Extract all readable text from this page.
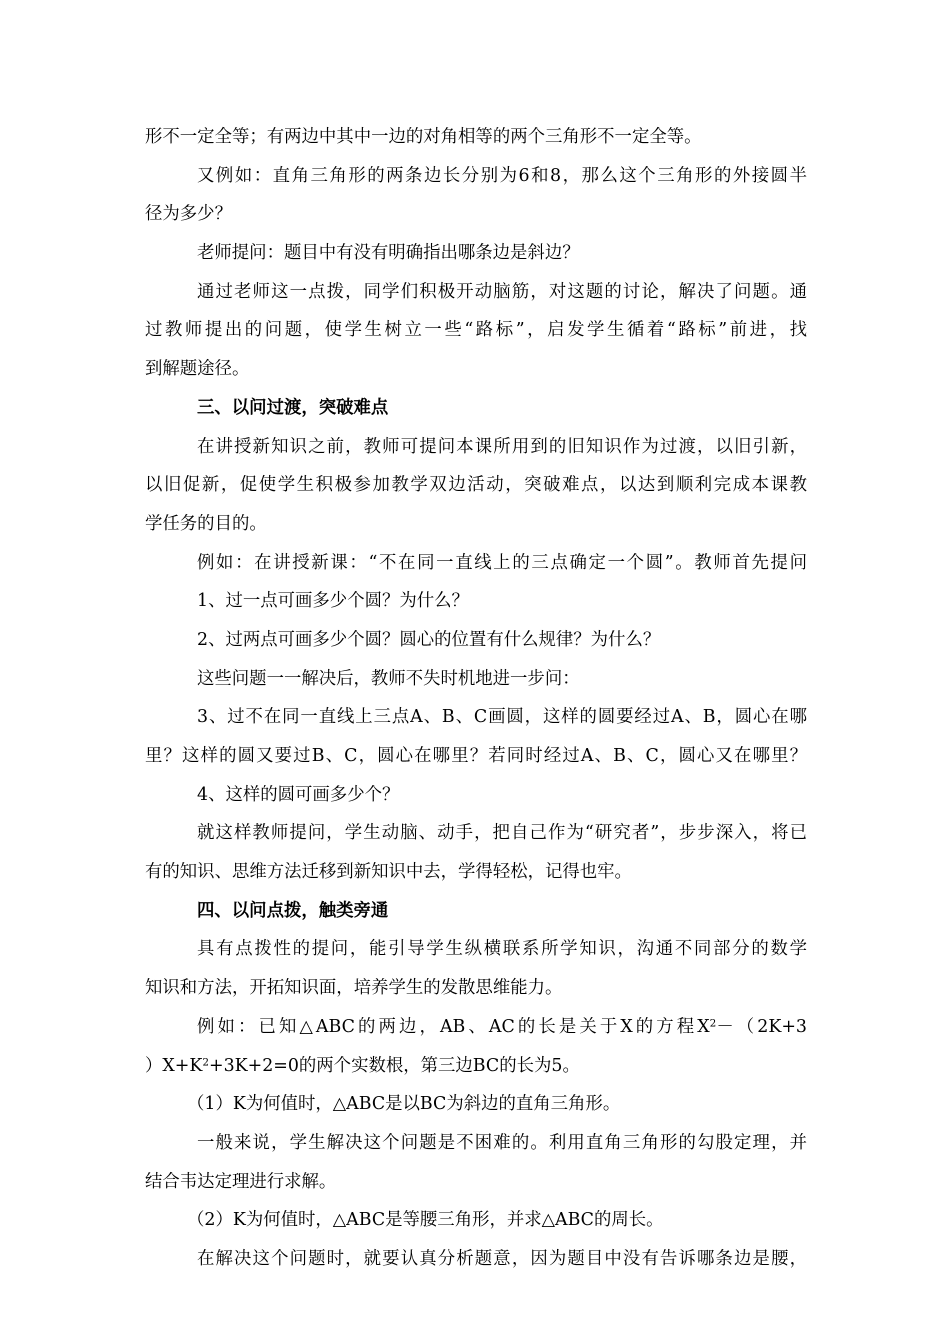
形不一定全等；有两边中其中一边的对角相等的两个三角形不一定全等。
又例如：直角三角形的两条边长分别为6和8，那么这个三角形的外接圆半
径为多少？
老师提问：题目中有没有明确指出哪条边是斜边？
通过老师这一点拨，同学们积极开动脑筋，对这题的讨论，解决了问题。通
过教师提出的问题，使学生树立一些“路标”，启发学生循着“路标”前进，找
到解题途径。
三、以问过渡，突破难点
在讲授新知识之前，教师可提问本课所用到的旧知识作为过渡，以旧引新，
以旧促新，促使学生积极参加教学双边活动，突破难点，以达到顺利完成本课教
学任务的目的。
例如：在讲授新课：“不在同一直线上的三点确定一个圆”。教师首先提问
1、过一点可画多少个圆？为什么？
2、过两点可画多少个圆？圆心的位置有什么规律？为什么？
这些问题一一解决后，教师不失时机地进一步问：
3、过不在同一直线上三点A、B、C画圆，这样的圆要经过A、B，圆心在哪
里？这样的圆又要过B、C，圆心在哪里？若同时经过A、B、C，圆心又在哪里？
4、这样的圆可画多少个？
就这样教师提问，学生动脑、动手，把自己作为“研究者”，步步深入，将已
有的知识、思维方法迁移到新知识中去，学得轻松，记得也牢。
四、以问点拨，触类旁通
具有点拨性的提问，能引导学生纵横联系所学知识，沟通不同部分的数学
知识和方法，开拓知识面，培养学生的发散思维能力。
例如：已知△ABC的两边，AB、AC的长是关于X的方程$X^2-(2K+3$
）$X+K^2+3K+2=0$的两个实数根，第三边BC的长为5。
（1）K为何值时，△ABC是以BC为斜边的直角三角形。
一般来说，学生解决这个问题是不困难的。利用直角三角形的勾股定理，并
结合韦达定理进行求解。
（2）K为何值时，△ABC是等腰三角形，并求△ABC的周长。
在解决这个问题时，就要认真分析题意，因为题目中没有告诉哪条边是腰，
